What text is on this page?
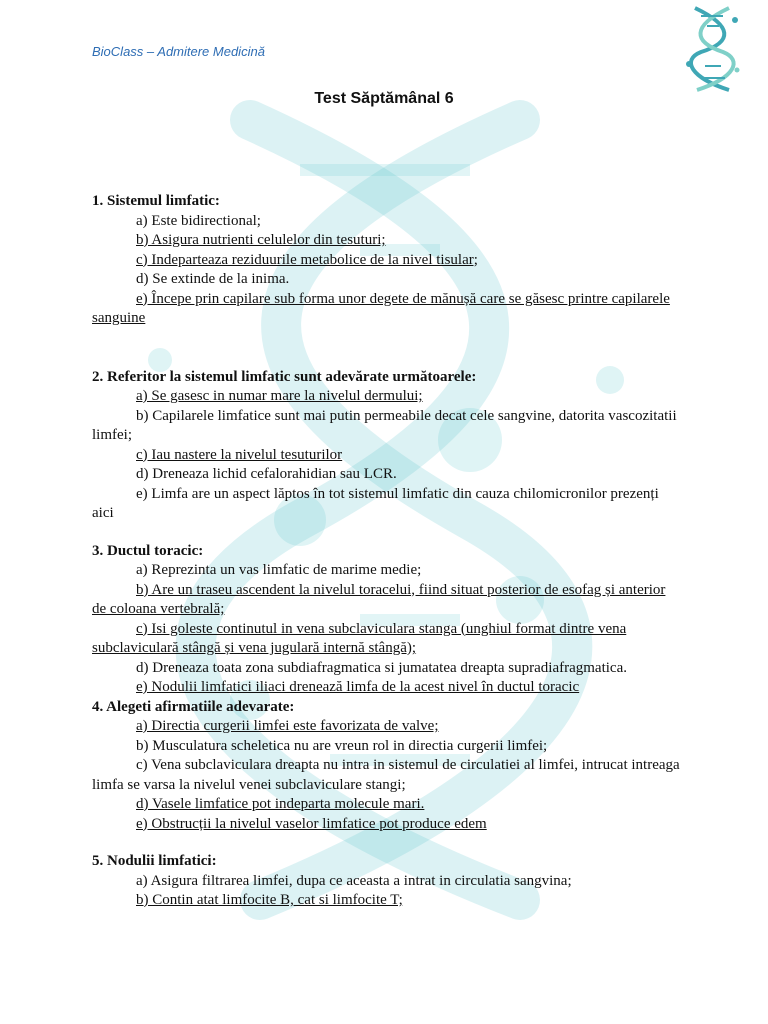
BioClass – Admitere Medicină
Test Săptămânal 6
1. Sistemul limfatic:
a) Este bidirectional;
b) Asigura nutrienti celulelor din tesuturi;
c) Indeparteaza reziduurile metabolice de la nivel tisular;
d) Se extinde de la inima.
e) Începe prin capilare sub forma unor degete de mănușă care se găsesc printre capilarele sanguine
2. Referitor la sistemul limfatic sunt adevărate următoarele:
a) Se gasesc in numar mare la nivelul dermului;
b) Capilarele limfatice sunt mai putin permeabile decat cele sangvine, datorita vascozitatii limfei;
c) Iau nastere la nivelul tesuturilor
d) Dreneaza lichid cefalorahidian sau LCR.
e) Limfa are un aspect lăptos în tot sistemul limfatic din cauza chilomicronilor prezenți aici
3. Ductul toracic:
a) Reprezinta un vas limfatic de marime medie;
b) Are un traseu ascendent la nivelul toracelui, fiind situat posterior de esofag și anterior de coloana vertebrală;
c) Isi goleste continutul in vena subclaviculara stanga (unghiul format dintre vena subclaviculară stângă și vena jugulară internă stângă);
d) Dreneaza toata zona subdiafragmatica si jumatatea dreapta supradiafragmatica.
e) Nodulii limfatici iliaci drenează limfa de la acest nivel în ductul toracic
4. Alegeti afirmatiile adevarate:
a) Directia curgerii limfei este favorizata de valve;
b) Musculatura scheletica nu are vreun rol in directia curgerii limfei;
c) Vena subclaviculara dreapta nu intra in sistemul de circulatiei al limfei, intrucat intreaga limfa se varsa la nivelul venei subclaviculare stangi;
d) Vasele limfatice pot indeparta molecule mari.
e) Obstrucții la nivelul vaselor limfatice pot produce edem
5. Nodulii limfatici:
a) Asigura filtrarea limfei, dupa ce aceasta a intrat in circulatia sangvina;
b) Contin atat limfocite B, cat si limfocite T;
